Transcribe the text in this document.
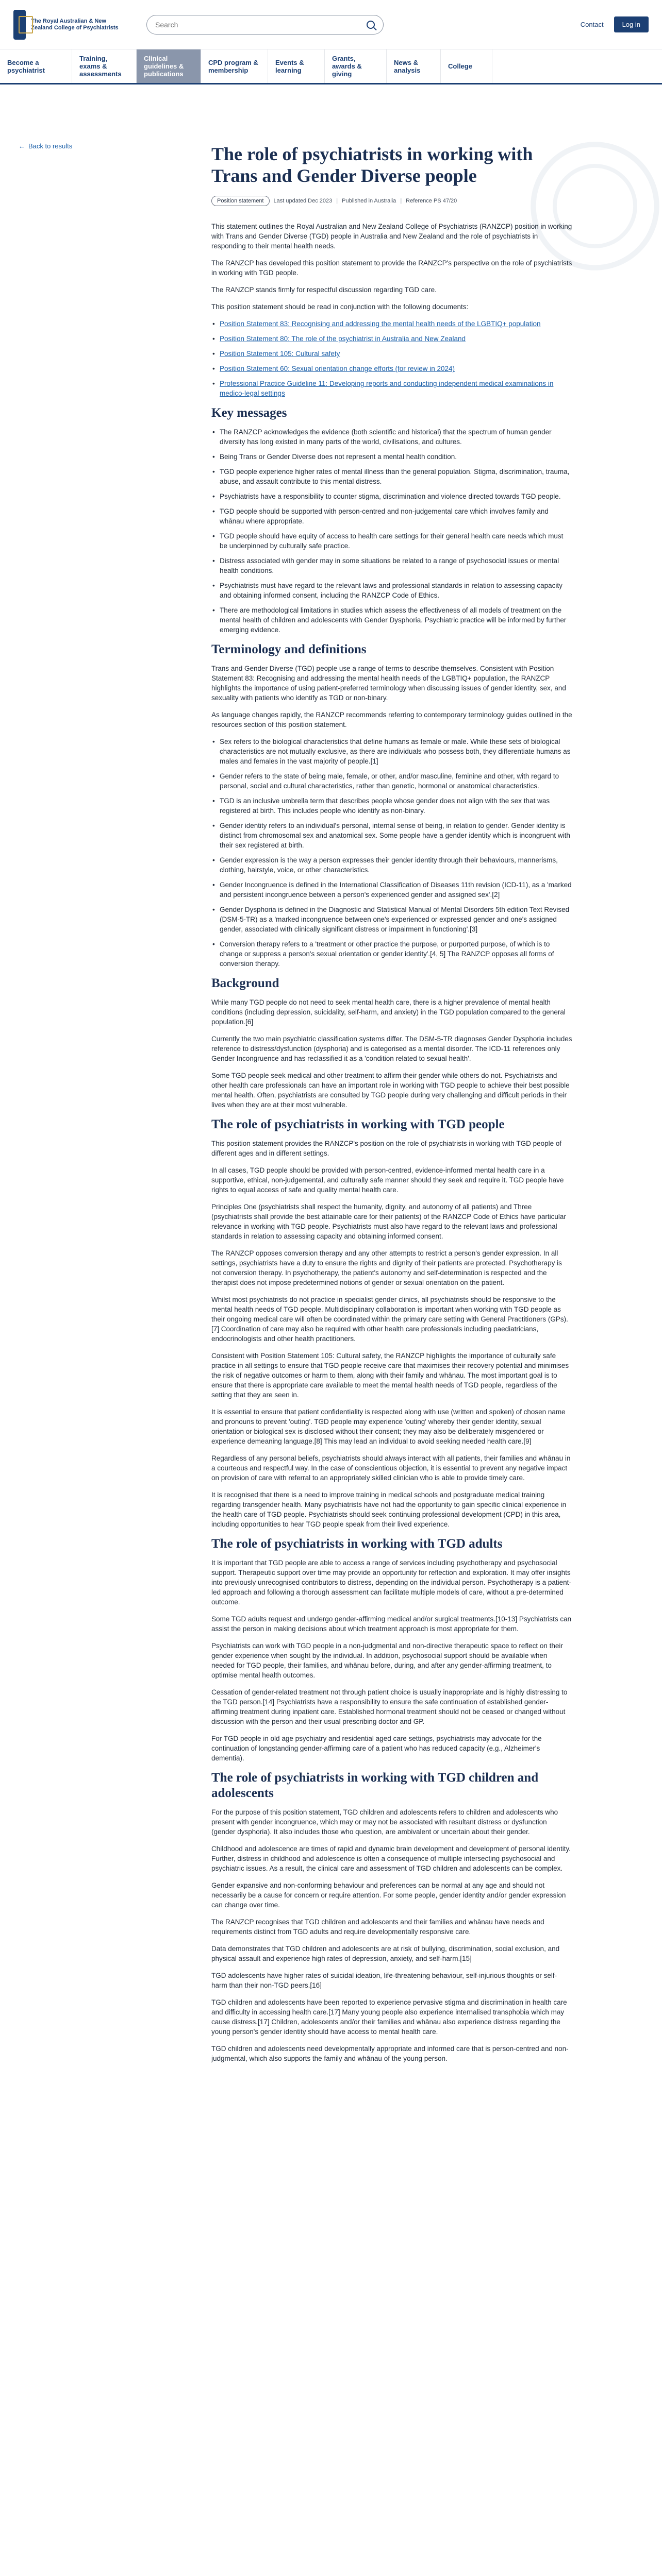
The Royal Australian & New Zealand College of Psychiatrists
Search	Contact	Log in
Become a psychiatrist
Training, exams & assessments
Clinical guidelines & publications
CPD program & membership
Events & learning
Grants, awards & giving
News & analysis	College
← Back to results	The role of psychiatrists in working with Trans and Gender Diverse people
Position statement	Last updated Dec 2023 | Published in Australia | Reference PS 47/20

This statement outlines the Royal Australian and New Zealand College of Psychiatrists (RANZCP) position in working with Trans and Gender Diverse (TGD) people in Australia and New Zealand and the role of psychiatrists in responding to their mental health needs.

The RANZCP has developed this position statement to provide the RANZCP's perspective on the role of psychiatrists in working with TGD people.

The RANZCP stands firmly for respectful discussion regarding TGD care.

This position statement should be read in conjunction with the following documents:

• Position Statement 83: Recognising and addressing the mental health needs of the LGBTIQ+ population
• Position Statement 80: The role of the psychiatrist in Australia and New Zealand
• Position Statement 105: Cultural safety
• Position Statement 60: Sexual orientation change efforts (for review in 2024)
• Professional Practice Guideline 11: Developing reports and conducting independent medical examinations in medico-legal settings
Key messages
• The RANZCP acknowledges the evidence (both scientific and historical) that the spectrum of human gender diversity has long existed in many parts of the world, civilisations, and cultures.
• Being Trans or Gender Diverse does not represent a mental health condition.
• TGD people experience higher rates of mental illness than the general population. Stigma, discrimination, trauma, abuse, and assault contribute to this mental distress.
• Psychiatrists have a responsibility to counter stigma, discrimination and violence directed towards TGD people.
• TGD people should be supported with person-centred and non-judgemental care which involves family and whānau where appropriate.
• TGD people should have equity of access to health care settings for their general health care needs which must be underpinned by culturally safe practice.
• Distress associated with gender may in some situations be related to a range of psychosocial issues or mental health conditions.
• Psychiatrists must have regard to the relevant laws and professional standards in relation to assessing capacity and obtaining informed consent, including the RANZCP Code of Ethics.
• There are methodological limitations in studies which assess the effectiveness of all models of treatment on the mental health of children and adolescents with Gender Dysphoria. Psychiatric practice will be informed by further emerging evidence.
Terminology and definitions

Trans and Gender Diverse (TGD) people use a range of terms to describe themselves. Consistent with Position Statement 83: Recognising and addressing the mental health needs of the LGBTIQ+ population, the RANZCP highlights the importance of using patient-preferred terminology when discussing issues of gender identity, sex, and sexuality with patients who identify as TGD or non-binary.

As language changes rapidly, the RANZCP recommends referring to contemporary terminology guides outlined in the resources section of this position statement.

• Sex refers to the biological characteristics that define humans as female or male. While these sets of biological characteristics are not mutually exclusive, as there are individuals who possess both, they differentiate humans as males and females in the vast majority of people.[1]
• Gender refers to the state of being male, female, or other, and/or masculine, feminine and other, with regard to personal, social and cultural characteristics, rather than genetic, hormonal or anatomical characteristics.
• TGD is an inclusive umbrella term that describes people whose gender does not align with the sex that was registered at birth. This includes people who identify as non-binary.
• Gender identity refers to an individual's personal, internal sense of being, in relation to gender. Gender identity is distinct from chromosomal sex and anatomical sex. Some people have a gender identity which is incongruent with their sex registered at birth.
• Gender expression is the way a person expresses their gender identity through their behaviours, mannerisms, clothing, hairstyle, voice, or other characteristics.
• Gender Incongruence is defined in the International Classification of Diseases 11th revision (ICD-11), as a 'marked and persistent incongruence between a person's experienced gender and assigned sex'.[2]
• Gender Dysphoria is defined in the Diagnostic and Statistical Manual of Mental Disorders 5th edition Text Revised (DSM-5-TR) as a 'marked incongruence between one's experienced or expressed gender and one's assigned gender, associated with clinically significant distress or impairment in functioning'.[3]
• Conversion therapy refers to a 'treatment or other practice the purpose, or purported purpose, of which is to change or suppress a person's sexual orientation or gender identity'.[4, 5] The RANZCP opposes all forms of conversion therapy.
Background

While many TGD people do not need to seek mental health care, there is a higher prevalence of mental health conditions (including depression, suicidality, self-harm, and anxiety) in the TGD population compared to the general population.[6]

Currently the two main psychiatric classification systems differ. The DSM-5-TR diagnoses Gender Dysphoria includes reference to distress/dysfunction (dysphoria) and is categorised as a mental disorder. The ICD-11 references only Gender Incongruence and has reclassified it as a 'condition related to sexual health'.

Some TGD people seek medical and other treatment to affirm their gender while others do not. Psychiatrists and other health care professionals can have an important role in working with TGD people to achieve their best possible mental health. Often, psychiatrists are consulted by TGD people during very challenging and difficult periods in their lives when they are at their most vulnerable.

The role of psychiatrists in working with TGD people

This position statement provides the RANZCP's position on the role of psychiatrists in working with TGD people of different ages and in different settings.

In all cases, TGD people should be provided with person-centred, evidence-informed mental health care in a supportive, ethical, non-judgemental, and culturally safe manner should they seek and require it. TGD people have rights to equal access of safe and quality mental health care.

Principles One (psychiatrists shall respect the humanity, dignity, and autonomy of all patients) and Three (psychiatrists shall provide the best attainable care for their patients) of the RANZCP Code of Ethics have particular relevance in working with TGD people. Psychiatrists must also have regard to the relevant laws and professional standards in relation to assessing capacity and obtaining informed consent.

The RANZCP opposes conversion therapy and any other attempts to restrict a person's gender expression. In all settings, psychiatrists have a duty to ensure the rights and dignity of their patients are protected. Psychotherapy is not conversion therapy. In psychotherapy, the patient's autonomy and self-determination is respected and the therapist does not impose predetermined notions of gender or sexual orientation on the patient.

Whilst most psychiatrists do not practice in specialist gender clinics, all psychiatrists should be responsive to the mental health needs of TGD people. Multidisciplinary collaboration is important when working with TGD people as their ongoing medical care will often be coordinated within the primary care setting with General Practitioners (GPs).[7] Coordination of care may also be required with other health care professionals including paediatricians, endocrinologists and other health practitioners.

Consistent with Position Statement 105: Cultural safety, the RANZCP highlights the importance of culturally safe practice in all settings to ensure that TGD people receive care that maximises their recovery potential and minimises the risk of negative outcomes or harm to them, along with their family and whānau. The most important goal is to ensure that there is appropriate care available to meet the mental health needs of TGD people, regardless of the setting that they are seen in.

It is essential to ensure that patient confidentiality is respected along with use (written and spoken) of chosen name and pronouns to prevent 'outing'. TGD people may experience 'outing' whereby their gender identity, sexual orientation or biological sex is disclosed without their consent; they may also be deliberately misgendered or experience demeaning language.[8] This may lead an individual to avoid seeking needed health care.[9]

Regardless of any personal beliefs, psychiatrists should always interact with all patients, their families and whānau in a courteous and respectful way. In the case of conscientious objection, it is essential to prevent any negative impact on provision of care with referral to an appropriately skilled clinician who is able to provide timely care.

It is recognised that there is a need to improve training in medical schools and postgraduate medical training regarding transgender health. Many psychiatrists have not had the opportunity to gain specific clinical experience in the health care of TGD people. Psychiatrists should seek continuing professional development (CPD) in this area, including opportunities to hear TGD people speak from their lived experience.

The role of psychiatrists in working with TGD adults

It is important that TGD people are able to access a range of services including psychotherapy and psychosocial support. Therapeutic support over time may provide an opportunity for reflection and exploration. It may offer insights into previously unrecognised contributors to distress, depending on the individual person. Psychotherapy is a patient-led approach and following a thorough assessment can facilitate multiple models of care, without a pre-determined outcome.

Some TGD adults request and undergo gender-affirming medical and/or surgical treatments.[10-13] Psychiatrists can assist the person in making decisions about which treatment approach is most appropriate for them.

Psychiatrists can work with TGD people in a non-judgmental and non-directive therapeutic space to reflect on their gender experience when sought by the individual. In addition, psychosocial support should be available when needed for TGD people, their families, and whānau before, during, and after any gender-affirming treatment, to optimise mental health outcomes.

Cessation of gender-related treatment not through patient choice is usually inappropriate and is highly distressing to the TGD person.[14] Psychiatrists have a responsibility to ensure the safe continuation of established gender-affirming treatment during inpatient care. Established hormonal treatment should not be ceased or changed without discussion with the person and their usual prescribing doctor and GP.

For TGD people in old age psychiatry and residential aged care settings, psychiatrists may advocate for the continuation of longstanding gender-affirming care of a patient who has reduced capacity (e.g., Alzheimer's dementia).

The role of psychiatrists in working with TGD children and adolescents

For the purpose of this position statement, TGD children and adolescents refers to children and adolescents who present with gender incongruence, which may or may not be associated with resultant distress or dysfunction (gender dysphoria). It also includes those who question, are ambivalent or uncertain about their gender.

Childhood and adolescence are times of rapid and dynamic brain development and development of personal identity. Further, distress in childhood and adolescence is often a consequence of multiple intersecting psychosocial and psychiatric issues. As a result, the clinical care and assessment of TGD children and adolescents can be complex.

Gender expansive and non-conforming behaviour and preferences can be normal at any age and should not necessarily be a cause for concern or require attention. For some people, gender identity and/or gender expression can change over time.

The RANZCP recognises that TGD children and adolescents and their families and whānau have needs and requirements distinct from TGD adults and require developmentally responsive care.

Data demonstrates that TGD children and adolescents are at risk of bullying, discrimination, social exclusion, and physical assault and experience high rates of depression, anxiety, and self-harm.[15]

TGD adolescents have higher rates of suicidal ideation, life-threatening behaviour, self-injurious thoughts or self-harm than their non-TGD peers.[16]

TGD children and adolescents have been reported to experience pervasive stigma and discrimination in health care and difficulty in accessing health care.[17] Many young people also experience internalised transphobia which may cause distress.[17] Children, adolescents and/or their families and whānau also experience distress regarding the young person's gender identity should have access to mental health care.

TGD children and adolescents need developmentally appropriate and informed care that is person-centred and non-judgmental, which also supports the family and whānau of the young person.
